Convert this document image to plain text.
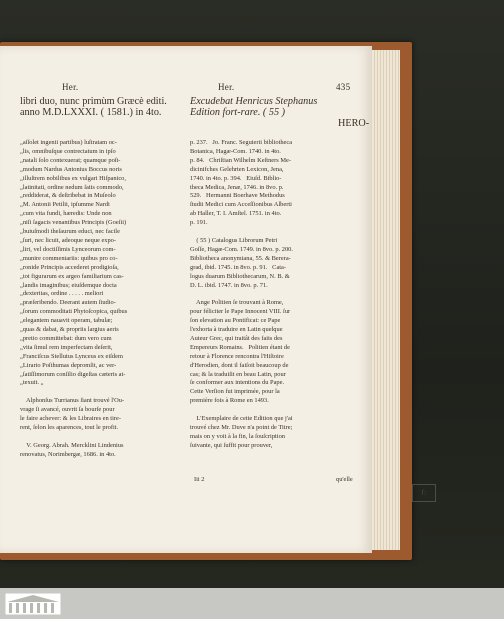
Her.	Her.	435
libri duo, nunc primùm Græcè editi.
anno M.D.LXXXI. ( 1581.) in 4to.
Excudebat Henricus Stephanus
Edition fort-rare. ( 55 )
HERO-

„aſſolet ingenii partibus) luſtratam oc-

„lis, omnibuſque contrectatum in ipſo

„natali ſolo contexuerat; quamque poſt-

„modum Nardus Antonius Boccus noris

„illuſtrem nobilibus ex vulgari Hiſpanico,

„latinitati, ordine nedum ſatis commodo,

„reddiderat, & deſtribebat in Muſeolo

„M. Antonii Petilii, ipſumme Nardi

„cum vita fundi, hæredis: Unde non

„niſi ſagacis venantibus Principis (Goeſii)

„buiuſmodi theſaurum educi, nec facile

„ſuri, nec licuit, adeoque neque expo-

„liri, vel doctiſſimis Lynceorum com-

„munire commentariis: quibus pro co-

„ronide Principis accederet prodigioſa,

„tot figurarum ex argeo familiarium cas-

„landis imaginibus; eiuſdemque docta

„dexteritas, ordine . . . . . meliori

„præſeribendo. Deerant autem ſtudio-

„ſorum commoditati Phytoſcopica, quibus

„elegantem nauavit operam, tabulæ;

„quas & dabat, & propriis largius aeris

„pretio committebat: dum vero cum

„vita ſimul rem imperfectam deſerit,

„Franciſcus Stellutus Lynceus ex eiſdem

„Lirario Poſthumas depromſit, ac ver-

„ſatiſſimorum conſilio digeſtas cæteris at-

„texuit. „

Alphonſus Turrianus ſiant trouvé l'Ou-

vrage ſi avancé, ouvrit ſa bourſe pour

le faire achever: & les Libraires en tire-

rent, ſelon les aparences, tout le profit.

V. Georg. Abrah. Mercklini Lindenius

renovatus, Norimbergæ, 1686. in 4to.

p. 237.   Jo. Franc. Seguierii bibliotheca

Botanica, Hagæ-Com. 1740. in 4to.

p. 84.   Chriſtian Wilhelm Keſtners Me-

dicinifches Gelehrten Lexicon, Jena,

1740. in 4to. p. 394.   Eiuſd. Biblio-

theca Medica, Jenæ, 1746. in 8vo. p.

529.   Hermanni Boerhave Methodus

ſtudii Medici cum Acceſſionibus Alberti

ab Haller, T. I. Amſtel. 1751. in 4to.

p. 191.

( 55 ) Catalogus Librorum Petri

Goſſe, Hagæ-Com. 1749. in 8vo. p. 200.

Bibliotheca anonymiana, 55. & Berera-

grad, ibid. 1745. in 8vo. p. 91.   Cata-

logus duarum Bibliothecarum, N. B. &

D. L. ibid. 1747. in 8vo. p. 71.

Ange Politien ſe trouvant à Rome,

pour féliciter le Pape Innocent VIII. ſur

ſon elevation au Pontificat: ce Pape

l'exhorta à traduire en Latin quelque

Auteur Grec, qui traitât des faits des

Empereurs Romains.   Politien étant de

retour à Florence rencontra l'Hiſtoire

d'Herodien, dont il faiſoit beaucoup de

cas; & la traduiſit en beau Latin, pour

ſe conformer aux intentions du Pape.

Cette Verſion fut imprimée, pour la

première fois à Rome en 1493.

L'Exemplaire de cette Edition que j'ai

trouvé chez Mr. Duve n'a point de Titre;

mais on y voit à la fin, la ſouſcription

ſuivante, qui ſuffit pour prouver,

Iii 2	qu'elle
ſ:
